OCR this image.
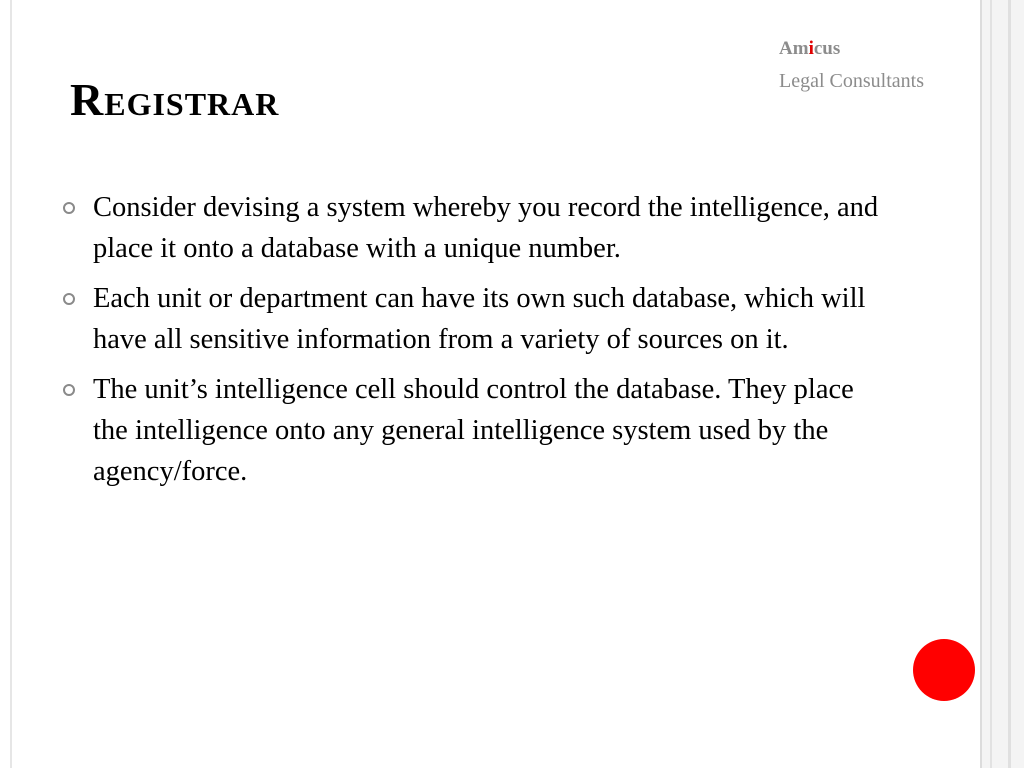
Amicus
Legal Consultants
Registrar
Consider devising a system whereby you record the intelligence, and place it onto a database with a unique number.
Each unit or department can have its own such database, which will have all sensitive information from a variety of sources on it.
The unit’s intelligence cell should control the database. They place the intelligence onto any general intelligence system used by the agency/force.
